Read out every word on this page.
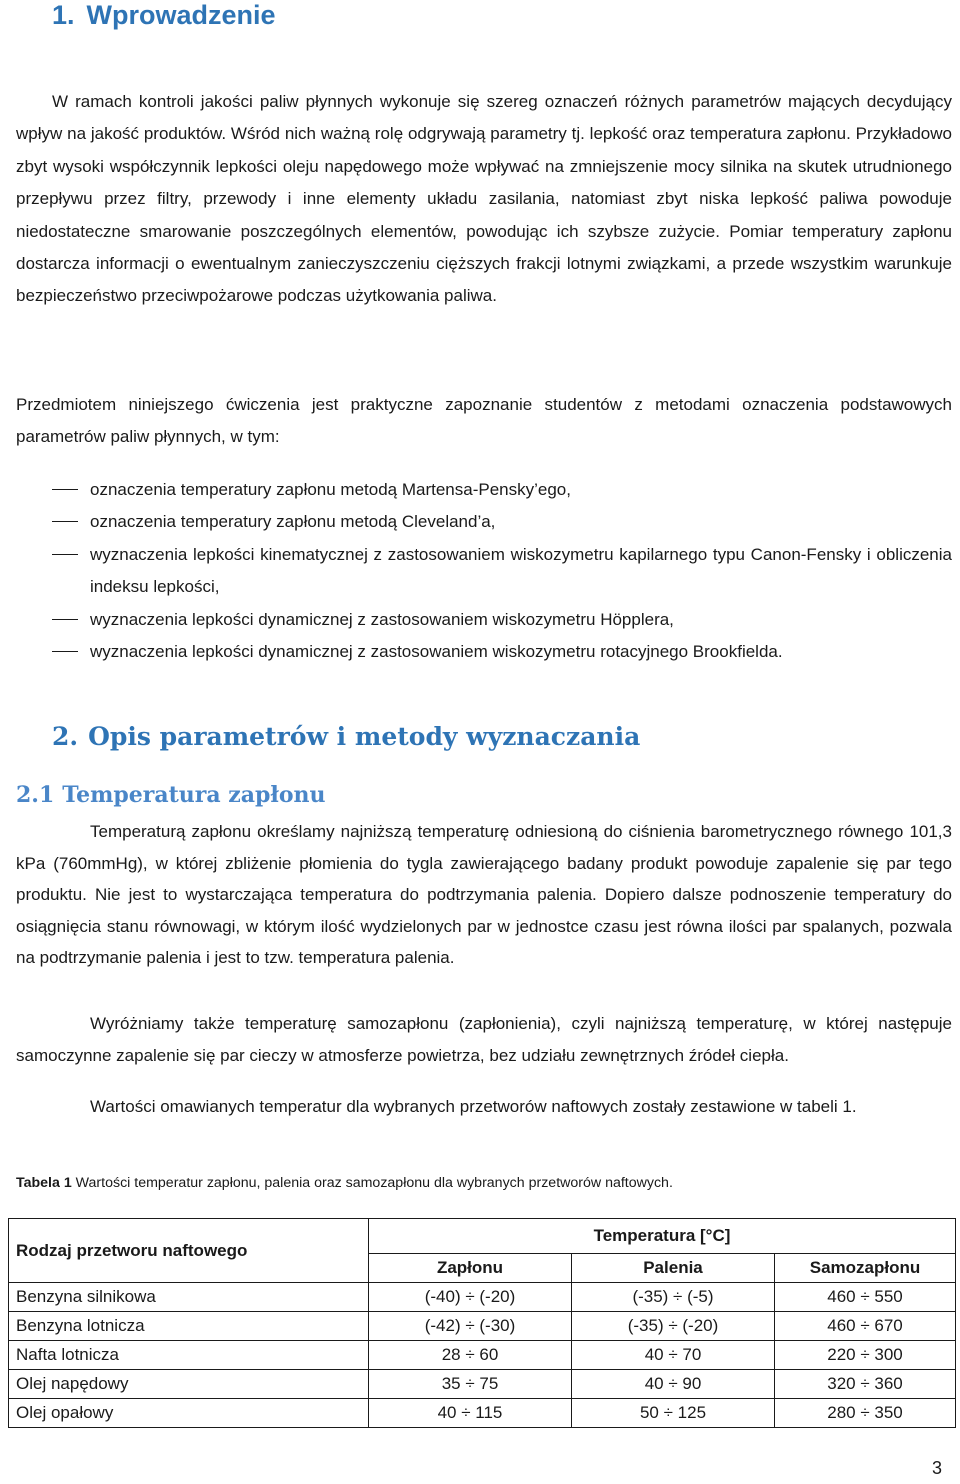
1. Wprowadzenie

W ramach kontroli jakości paliw płynnych wykonuje się szereg oznaczeń różnych parametrów mających decydujący wpływ na jakość produktów. Wśród nich ważną rolę odgrywają parametry tj. lepkość oraz temperatura zapłonu. Przykładowo zbyt wysoki współczynnik lepkości oleju napędowego może wpływać na zmniejszenie mocy silnika na skutek utrudnionego przepływu przez filtry, przewody i inne elementy układu zasilania, natomiast zbyt niska lepkość paliwa powoduje niedostateczne smarowanie poszczególnych elementów, powodując ich szybsze zużycie. Pomiar temperatury zapłonu dostarcza informacji o ewentualnym zanieczyszczeniu cięższych frakcji lotnymi związkami, a przede wszystkim warunkuje bezpieczeństwo przeciwpożarowe podczas użytkowania paliwa.

Przedmiotem niniejszego ćwiczenia jest praktyczne zapoznanie studentów z metodami oznaczenia podstawowych parametrów paliw płynnych, w tym:

oznaczenia temperatury zapłonu metodą Martensa-Pensky’ego,
oznaczenia temperatury zapłonu metodą Cleveland’a,
wyznaczenia lepkości kinematycznej z zastosowaniem wiskozymetru kapilarnego typu Canon-Fensky i obliczenia indeksu lepkości,
wyznaczenia lepkości dynamicznej z zastosowaniem wiskozymetru Höpplera,
wyznaczenia lepkości dynamicznej z zastosowaniem wiskozymetru rotacyjnego Brookfielda.
2. Opis parametrów i metody wyznaczania
2.1 Temperatura zapłonu

Temperaturą zapłonu określamy najniższą temperaturę odniesioną do ciśnienia barometrycznego równego 101,3 kPa (760mmHg), w której zbliżenie płomienia do tygla zawierającego badany produkt powoduje zapalenie się par tego produktu. Nie jest to wystarczająca temperatura do podtrzymania palenia. Dopiero dalsze podnoszenie temperatury do osiągnięcia stanu równowagi, w którym ilość wydzielonych par w jednostce czasu jest równa ilości par spalanych, pozwala na podtrzymanie palenia i jest to tzw. temperatura palenia.

Wyróżniamy także temperaturę samozapłonu (zapłonienia), czyli najniższą temperaturę, w której następuje samoczynne zapalenie się par cieczy w atmosferze powietrza, bez udziału zewnętrznych źródeł ciepła.

Wartości omawianych temperatur dla wybranych przetworów naftowych zostały zestawione w tabeli 1.

Tabela 1 Wartości temperatur zapłonu, palenia oraz samozapłonu dla wybranych przetworów naftowych.

Rodzaj przetworu naftowego	Temperatura [°C]		
	Zapłonu	Palenia	Samozapłonu
Benzyna silnikowa	(-40) ÷ (-20)	(-35) ÷ (-5)	460 ÷ 550
Benzyna lotnicza	(-42) ÷ (-30)	(-35) ÷ (-20)	460 ÷ 670
Nafta lotnicza	28 ÷ 60	40 ÷ 70	220 ÷ 300
Olej napędowy	35 ÷ 75	40 ÷ 90	320 ÷ 360
Olej opałowy	40 ÷ 115	50 ÷ 125	280 ÷ 350

3
